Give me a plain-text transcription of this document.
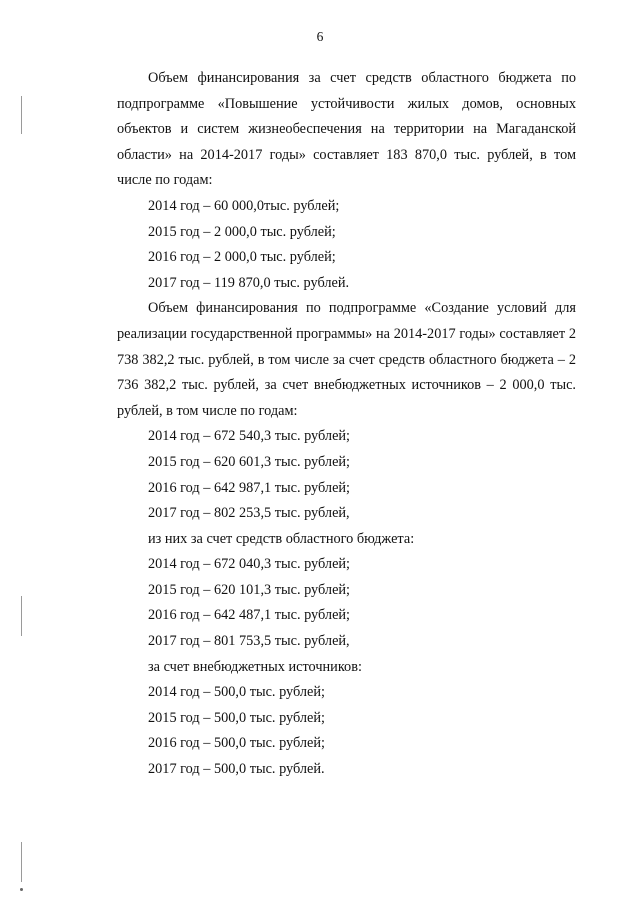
6

Объем финансирования за счет средств областного бюджета по подпрограмме «Повышение устойчивости жилых домов, основных объектов и систем жизнеобеспечения на территории на Магаданской области» на 2014-2017 годы» составляет 183 870,0 тыс. рублей, в том числе по годам:

2014 год – 60 000,0тыс. рублей;
2015 год – 2 000,0 тыс. рублей;
2016 год – 2 000,0 тыс. рублей;
2017 год – 119 870,0 тыс. рублей.

Объем финансирования по подпрограмме «Создание условий для реализации государственной программы» на 2014-2017 годы» составляет 2 738 382,2 тыс. рублей, в том числе за счет средств областного бюджета – 2 736 382,2 тыс. рублей, за счет внебюджетных источников – 2 000,0 тыс. рублей, в том числе по годам:

2014 год – 672 540,3 тыс. рублей;
2015 год – 620 601,3 тыс. рублей;
2016 год – 642 987,1 тыс. рублей;
2017 год – 802 253,5 тыс. рублей,
из них за счет средств областного бюджета:
2014 год – 672 040,3 тыс. рублей;
2015 год – 620 101,3 тыс. рублей;
2016 год – 642 487,1 тыс. рублей;
2017 год – 801 753,5 тыс. рублей,
за счет внебюджетных источников:
2014 год – 500,0 тыс. рублей;
2015 год – 500,0 тыс. рублей;
2016 год – 500,0 тыс. рублей;
2017 год – 500,0 тыс. рублей.
